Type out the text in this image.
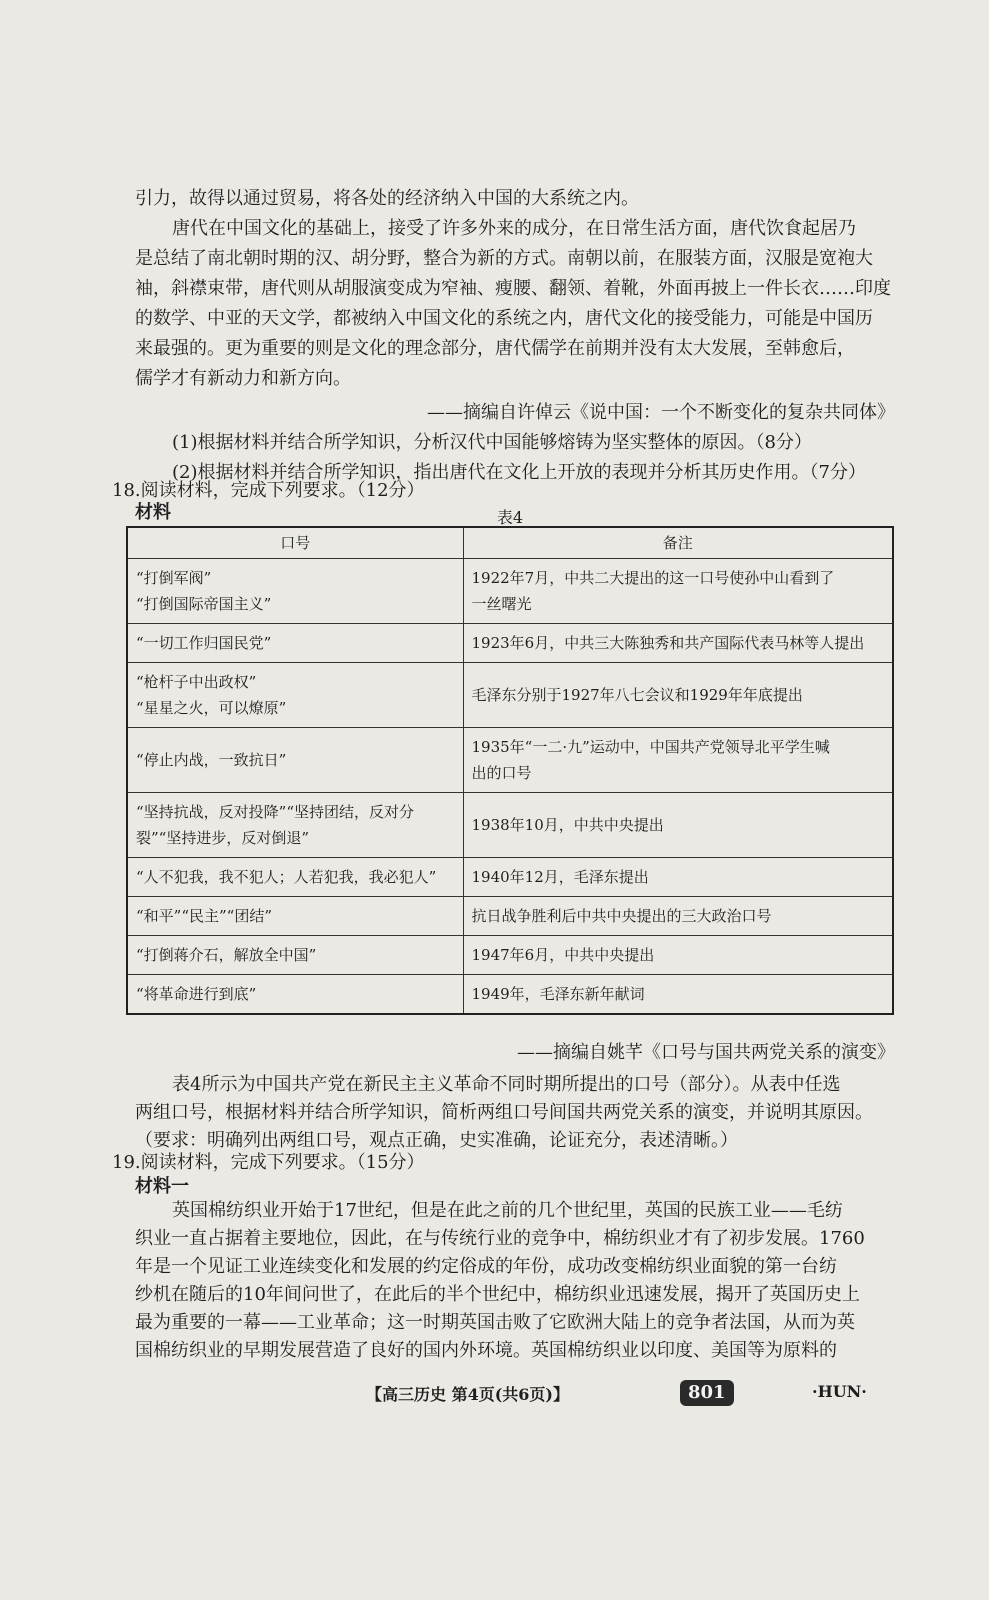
引力，故得以通过贸易，将各处的经济纳入中国的大系统之内。
唐代在中国文化的基础上，接受了许多外来的成分，在日常生活方面，唐代饮食起居乃
是总结了南北朝时期的汉、胡分野，整合为新的方式。南朝以前，在服装方面，汉服是宽袍大
袖，斜襟束带，唐代则从胡服演变成为窄袖、瘦腰、翻领、着靴，外面再披上一件长衣……印度
的数学、中亚的天文学，都被纳入中国文化的系统之内，唐代文化的接受能力，可能是中国历
来最强的。更为重要的则是文化的理念部分，唐代儒学在前期并没有太大发展，至韩愈后，
儒学才有新动力和新方向。
——摘编自许倬云《说中国：一个不断变化的复杂共同体》
(1)根据材料并结合所学知识，分析汉代中国能够熔铸为坚实整体的原因。（8分）
(2)根据材料并结合所学知识，指出唐代在文化上开放的表现并分析其历史作用。（7分）
18.阅读材料，完成下列要求。（12分）
材料	表4
口号	备注

“打倒军阀”
“打倒国际帝国主义”	1922年7月，中共二大提出的这一口号使孙中山看到了
一丝曙光

“一切工作归国民党”	1923年6月，中共三大陈独秀和共产国际代表马林等人提出

“枪杆子中出政权”
“星星之火，可以燎原”	毛泽东分别于1927年八七会议和1929年年底提出

“停止内战，一致抗日”	1935年“一二·九”运动中，中国共产党领导北平学生喊
出的口号

“坚持抗战，反对投降”“坚持团结，反对分
裂”“坚持进步，反对倒退”	1938年10月，中共中央提出

“人不犯我，我不犯人；人若犯我，我必犯人”	1940年12月，毛泽东提出

“和平”“民主”“团结”	抗日战争胜利后中共中央提出的三大政治口号

“打倒蒋介石，解放全中国”	1947年6月，中共中央提出

“将革命进行到底”	1949年，毛泽东新年献词
——摘编自姚芊《口号与国共两党关系的演变》
表4所示为中国共产党在新民主主义革命不同时期所提出的口号（部分）。从表中任选
两组口号，根据材料并结合所学知识，简析两组口号间国共两党关系的演变，并说明其原因。
（要求：明确列出两组口号，观点正确，史实准确，论证充分，表述清晰。）
19.阅读材料，完成下列要求。（15分）
材料一
英国棉纺织业开始于17世纪，但是在此之前的几个世纪里，英国的民族工业——毛纺
织业一直占据着主要地位，因此，在与传统行业的竞争中，棉纺织业才有了初步发展。1760
年是一个见证工业连续变化和发展的约定俗成的年份，成功改变棉纺织业面貌的第一台纺
纱机在随后的10年间问世了，在此后的半个世纪中，棉纺织业迅速发展，揭开了英国历史上
最为重要的一幕——工业革命；这一时期英国击败了它欧洲大陆上的竞争者法国，从而为英
国棉纺织业的早期发展营造了良好的国内外环境。英国棉纺织业以印度、美国等为原料的
【高三历史 第4页(共6页)】	801	·HUN·
